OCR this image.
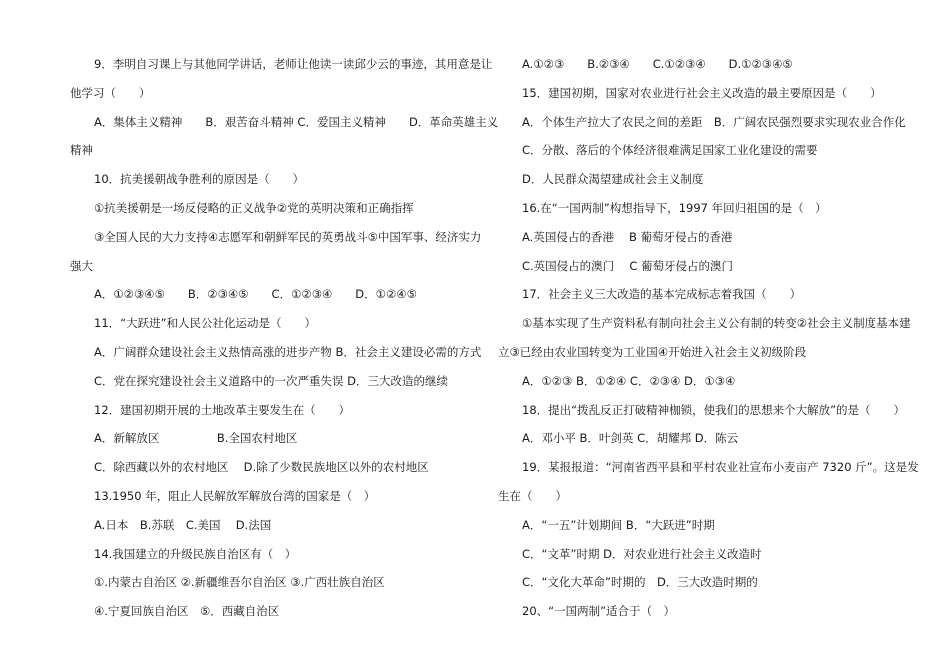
9．李明自习课上与其他同学讲话，老师让他读一读邱少云的事迹，其用意是让
他学习（　　）
A．集体主义精神　　B．艰苦奋斗精神 C．爱国主义精神　　D．革命英雄主义
精神
10．抗美援朝战争胜利的原因是（　　）
①抗美援朝是一场反侵略的正义战争②党的英明决策和正确指挥
③全国人民的大力支持④志愿军和朝鲜军民的英勇战斗⑤中国军事、经济实力
强大
A．①②③④⑤　　B．②③④⑤　　C．①②③④　　D．①②④⑤
11．“大跃进”和人民公社化运动是（　　）
A．广阔群众建设社会主义热情高涨的进步产物 B．社会主义建设必需的方式
C．党在探究建设社会主义道路中的一次严重失误 D．三大改造的继续
12．建国初期开展的土地改革主要发生在（　　）
A．新解放区　　　　　B.全国农村地区
C．除西藏以外的农村地区　 D.除了少数民族地区以外的农村地区
13.1950 年，阻止人民解放军解放台湾的国家是（　）
A.日本　B.苏联　C.美国　 D.法国
14.我国建立的升级民族自治区有（　）
①.内蒙古自治区 ②.新疆维吾尔自治区 ③.广西壮族自治区
④.宁夏回族自治区　⑤．西藏自治区
A.①②③　　B.②③④　　C.①②③④　　D.①②③④⑤
15．建国初期，国家对农业进行社会主义改造的最主要原因是（　　）
A．个体生产拉大了农民之间的差距　B．广阔农民强烈要求实现农业合作化
C．分散、落后的个体经济很难满足国家工业化建设的需要
D．人民群众渴望建成社会主义制度
16.在“一国两制”构想指导下，1997 年回归祖国的是（　）
A.英国侵占的香港　 B 葡萄牙侵占的香港
C.英国侵占的澳门　 C 葡萄牙侵占的澳门
17．社会主义三大改造的基本完成标志着我国（　　）
①基本实现了生产资料私有制向社会主义公有制的转变②社会主义制度基本建
立③已经由农业国转变为工业国④开始进入社会主义初级阶段
A．①②③ B．①②④ C．②③④ D．①③④
18．提出“拨乱反正打破精神枷锁，使我们的思想来个大解放”的是（　　）
A．邓小平 B．叶剑英 C．胡耀邦 D．陈云
19．某报报道：“河南省西平县和平村农业社宣布小麦亩产 7320 斤”。这是发
生在（　　）
A．“一五”计划期间 B．“大跃进”时期
C．“文革”时期 D．对农业进行社会主义改造时
C．“文化大革命”时期的　D．三大改造时期的
20、“一国两制”适合于（　）
